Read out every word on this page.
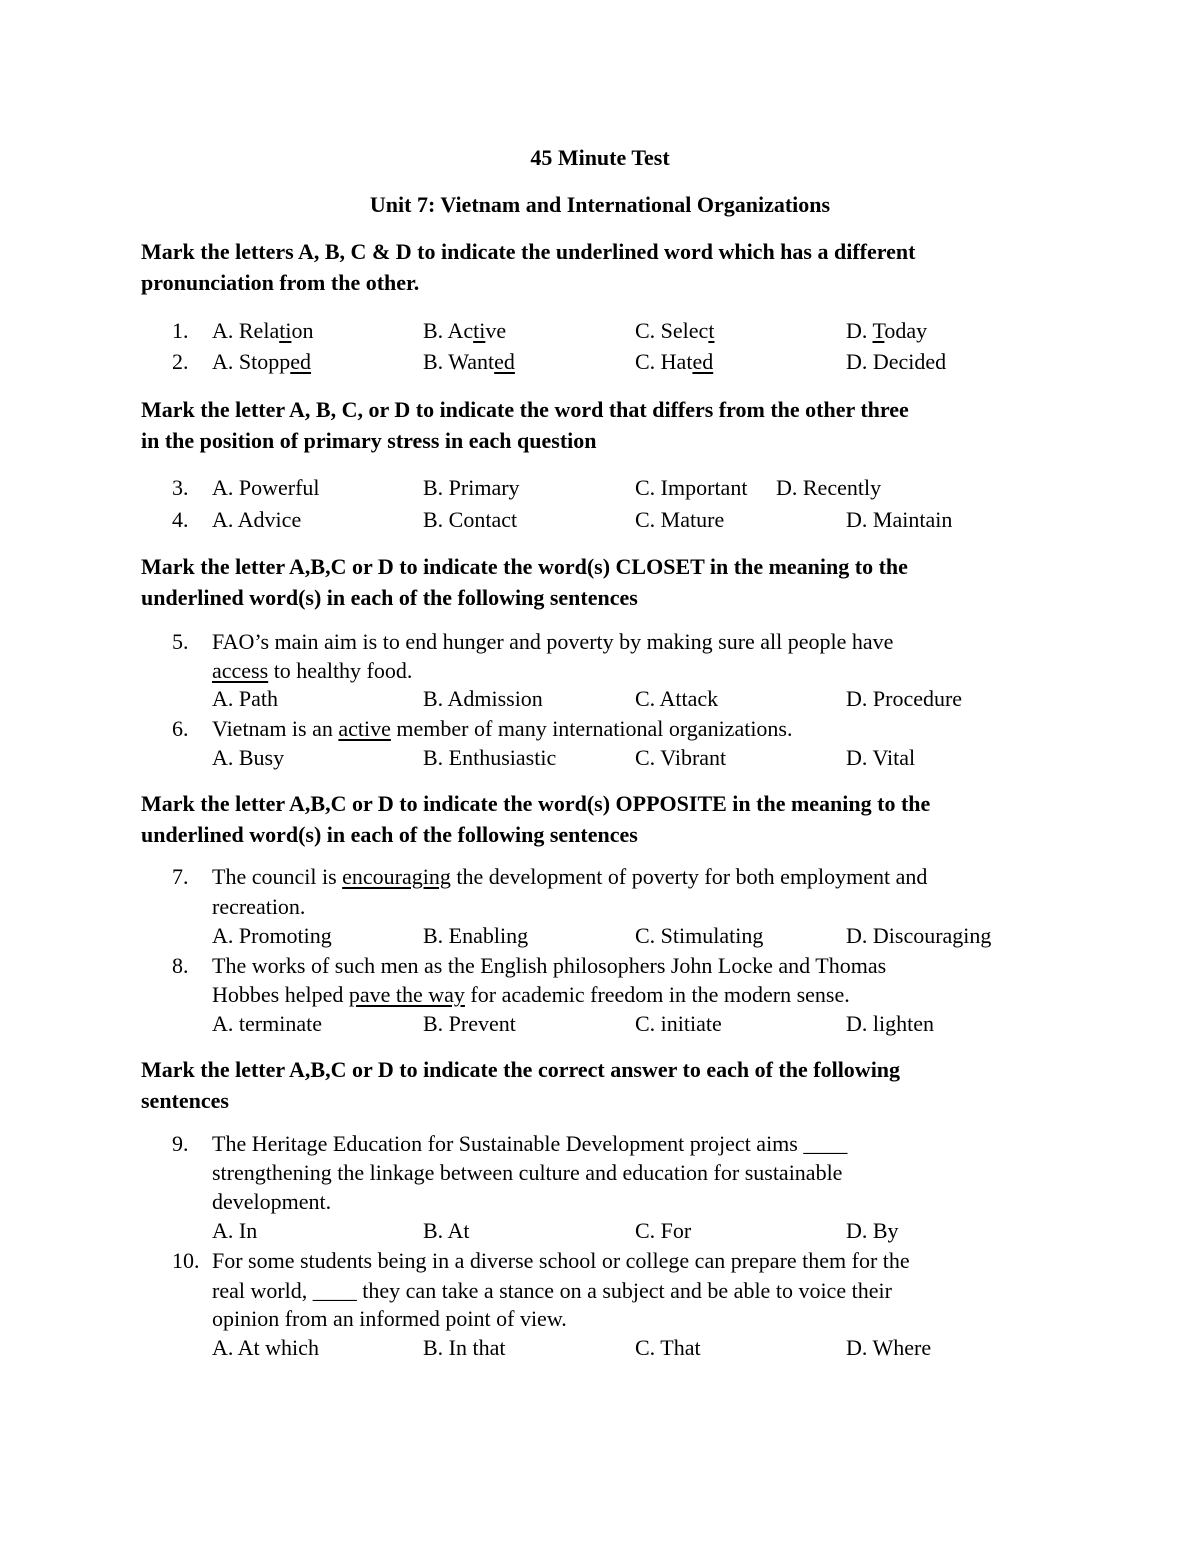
45 Minute Test
Unit 7: Vietnam and International Organizations
Mark the letters A, B, C & D to indicate the underlined word which has a different
pronunciation from the other.
1. A. Relation	B. Active	C. Select	D. Today
2. A. Stopped	B. Wanted	C. Hated	D. Decided
Mark the letter A, B, C, or D to indicate the word that differs from the other three
in the position of primary stress in each question
3. A. Powerful	B. Primary	C. Important D. Recently
4. A. Advice	B. Contact	C. Mature	D. Maintain
Mark the letter A,B,C or D to indicate the word(s) CLOSET in the meaning to the
underlined word(s) in each of the following sentences
5. FAO’s main aim is to end hunger and poverty by making sure all people have
access to healthy food.
A. Path	B. Admission	C. Attack	D. Procedure
6. Vietnam is an active member of many international organizations.
A. Busy	B. Enthusiastic	C. Vibrant	D. Vital
Mark the letter A,B,C or D to indicate the word(s) OPPOSITE in the meaning to the
underlined word(s) in each of the following sentences
7. The council is encouraging the development of poverty for both employment and
recreation.
A. Promoting	B. Enabling	C. Stimulating	D. Discouraging
8. The works of such men as the English philosophers John Locke and Thomas
Hobbes helped pave the way for academic freedom in the modern sense.
A. terminate	B. Prevent	C. initiate	D. lighten
Mark the letter A,B,C or D to indicate the correct answer to each of the following
sentences
9. The Heritage Education for Sustainable Development project aims ____
strengthening the linkage between culture and education for sustainable
development.
A. In	B. At	C. For	D. By
10. For some students being in a diverse school or college can prepare them for the
real world, ____ they can take a stance on a subject and be able to voice their
opinion from an informed point of view.
A. At which	B. In that	C. That	D. Where
